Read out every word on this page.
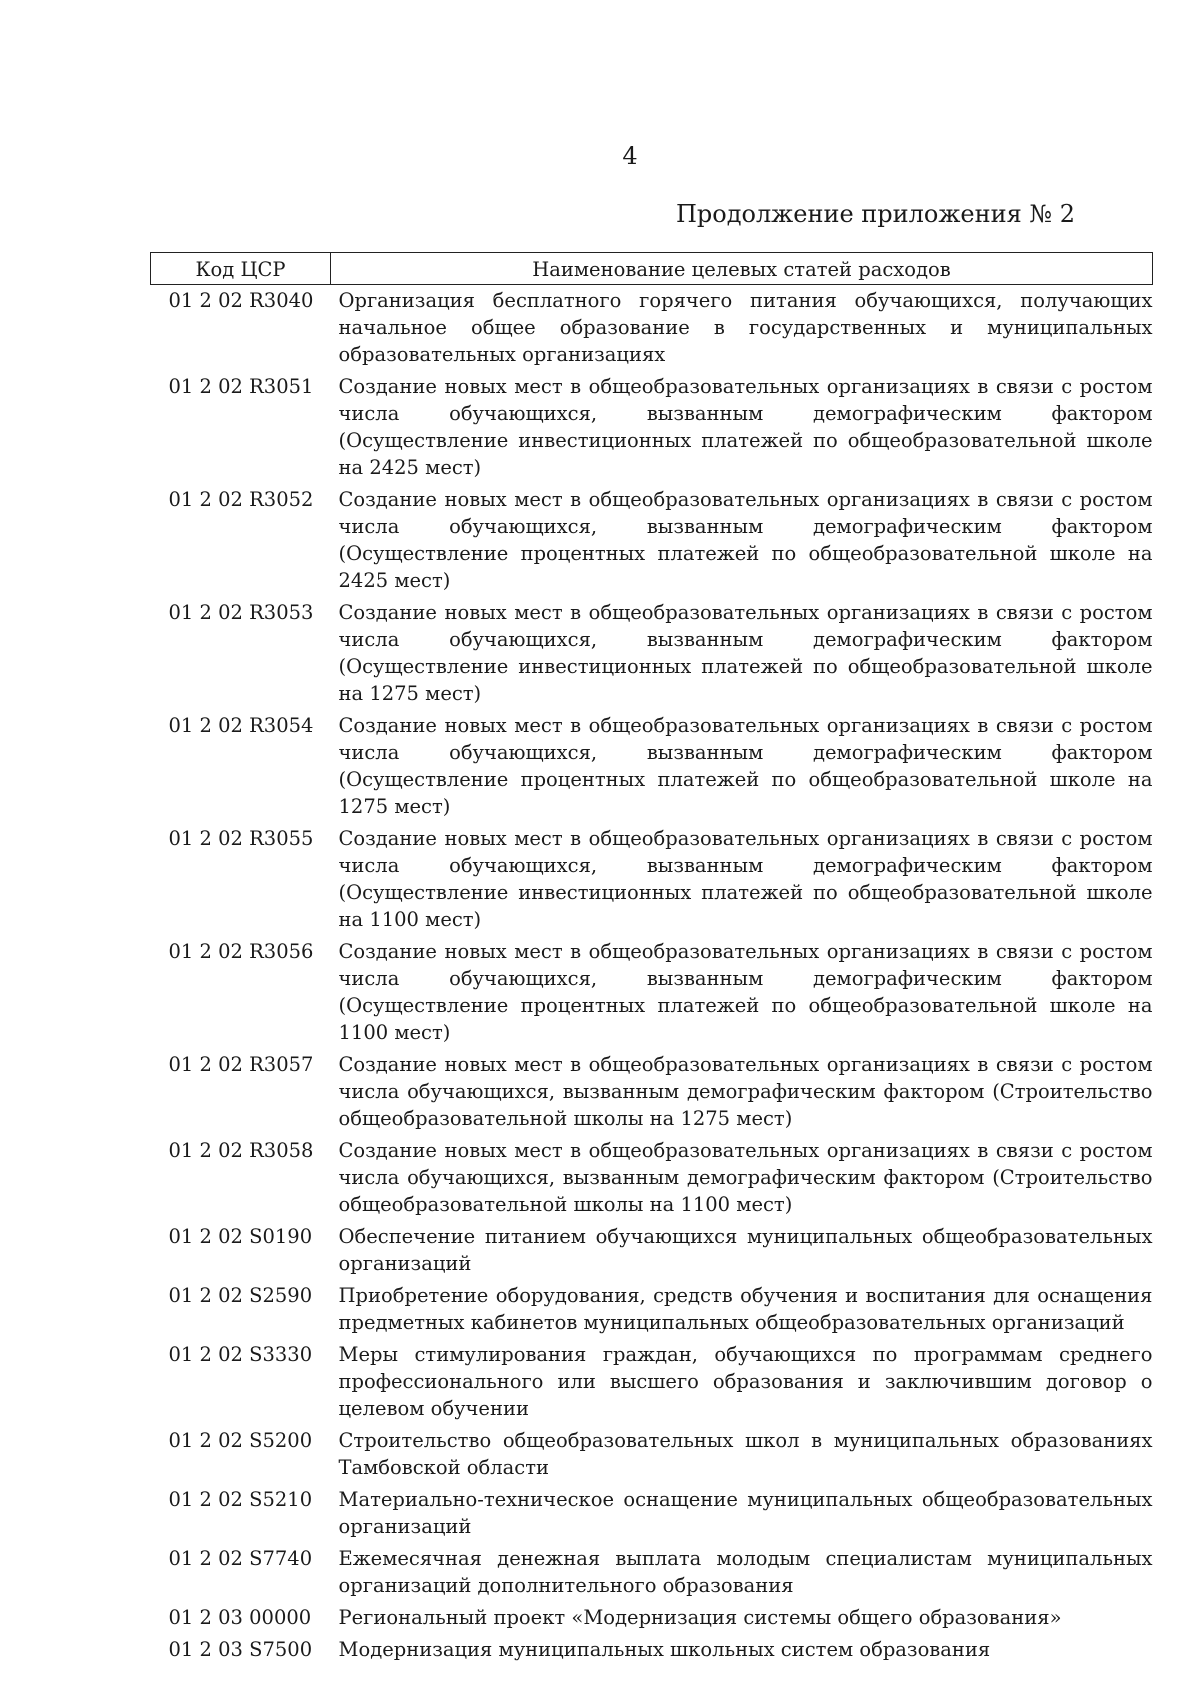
4
Продолжение приложения № 2
Код ЦСР	Наименование целевых статей расходов
01 2 02 R3040	Организация бесплатного горячего питания обучающихся, получающих начальное общее образование в государственных и муниципальных образовательных организациях
01 2 02 R3051	Создание новых мест в общеобразовательных организациях в связи с ростом числа обучающихся, вызванным демографическим фактором (Осуществление инвестиционных платежей по общеобразовательной школе на 2425 мест)
01 2 02 R3052	Создание новых мест в общеобразовательных организациях в связи с ростом числа обучающихся, вызванным демографическим фактором (Осуществление процентных платежей по общеобразовательной школе на 2425 мест)
01 2 02 R3053	Создание новых мест в общеобразовательных организациях в связи с ростом числа обучающихся, вызванным демографическим фактором (Осуществление инвестиционных платежей по общеобразовательной школе на 1275 мест)
01 2 02 R3054	Создание новых мест в общеобразовательных организациях в связи с ростом числа обучающихся, вызванным демографическим фактором (Осуществление процентных платежей по общеобразовательной школе на 1275 мест)
01 2 02 R3055	Создание новых мест в общеобразовательных организациях в связи с ростом числа обучающихся, вызванным демографическим фактором (Осуществление инвестиционных платежей по общеобразовательной школе на 1100 мест)
01 2 02 R3056	Создание новых мест в общеобразовательных организациях в связи с ростом числа обучающихся, вызванным демографическим фактором (Осуществление процентных платежей по общеобразовательной школе на 1100 мест)
01 2 02 R3057	Создание новых мест в общеобразовательных организациях в связи с ростом числа обучающихся, вызванным демографическим фактором (Строительство общеобразовательной школы на 1275 мест)
01 2 02 R3058	Создание новых мест в общеобразовательных организациях в связи с ростом числа обучающихся, вызванным демографическим фактором (Строительство общеобразовательной школы на 1100 мест)
01 2 02 S0190	Обеспечение питанием обучающихся муниципальных общеобразовательных организаций
01 2 02 S2590	Приобретение оборудования, средств обучения и воспитания для оснащения предметных кабинетов муниципальных общеобразовательных организаций
01 2 02 S3330	Меры стимулирования граждан, обучающихся по программам среднего профессионального или высшего образования и заключившим договор о целевом обучении
01 2 02 S5200	Строительство общеобразовательных школ в муниципальных образованиях Тамбовской области
01 2 02 S5210	Материально-техническое оснащение муниципальных общеобразовательных организаций
01 2 02 S7740	Ежемесячная денежная выплата молодым специалистам муниципальных организаций дополнительного образования
01 2 03 00000	Региональный проект «Модернизация системы общего образования»
01 2 03 S7500	Модернизация муниципальных школьных систем образования
